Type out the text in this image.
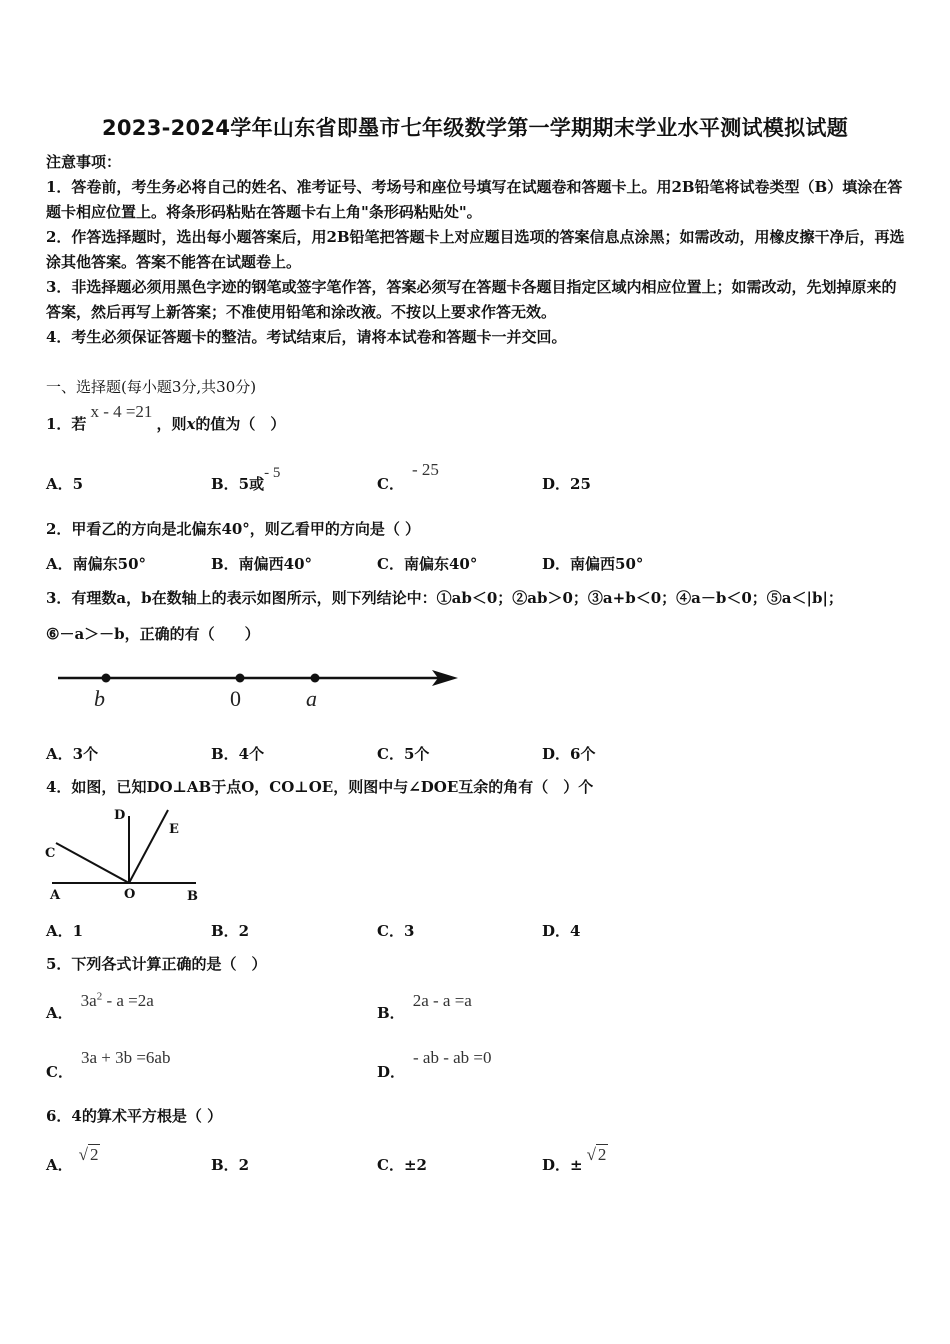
2023-2024学年山东省即墨市七年级数学第一学期期末学业水平测试模拟试题
注意事项：
1．答卷前，考生务必将自己的姓名、准考证号、考场号和座位号填写在试题卷和答题卡上。用2B铅笔将试卷类型（B）填涂在答题卡相应位置上。将条形码粘贴在答题卡右上角"条形码粘贴处"。
2．作答选择题时，选出每小题答案后，用2B铅笔把答题卡上对应题目选项的答案信息点涂黑；如需改动，用橡皮擦干净后，再选涂其他答案。答案不能答在试题卷上。
3．非选择题必须用黑色字迹的钢笔或签字笔作答，答案必须写在答题卡各题目指定区域内相应位置上；如需改动，先划掉原来的答案，然后再写上新答案；不准使用铅笔和涂改液。不按以上要求作答无效。
4．考生必须保证答题卡的整洁。考试结束后，请将本试卷和答题卡一并交回。
一、选择题(每小题3分,共30分)
1．若x - 4 =21，则x的值为（　）
A．5	B．5或- 5
C．- 25
D．25
2．甲看乙的方向是北偏东40°，则乙看甲的方向是（ ）
A．南偏东50°	B．南偏西40°	C．南偏东40°	D．南偏西50°
3．有理数a，b在数轴上的表示如图所示，则下列结论中：①ab＜0；②ab＞0；③a+b＜0；④a－b＜0；⑤a＜|b|；
⑥－a＞－b，正确的有（　　）
b	0	a
A．3个	B．4个	C．5个	D．6个
4．如图，已知DO⊥AB于点O，CO⊥OE，则图中与∠DOE互余的角有（　）个
D
E
C
A	O	B
A．1	B．2	C．3	D．4
5．下列各式计算正确的是（　）
A．$3a^2 - a =2a$
B．2a - a =a
C．3a + 3b =6ab
D．- ab - ab =0
6．4的算术平方根是（ ）
A．√ 2
B．2	C．±2	D．±√ 2
